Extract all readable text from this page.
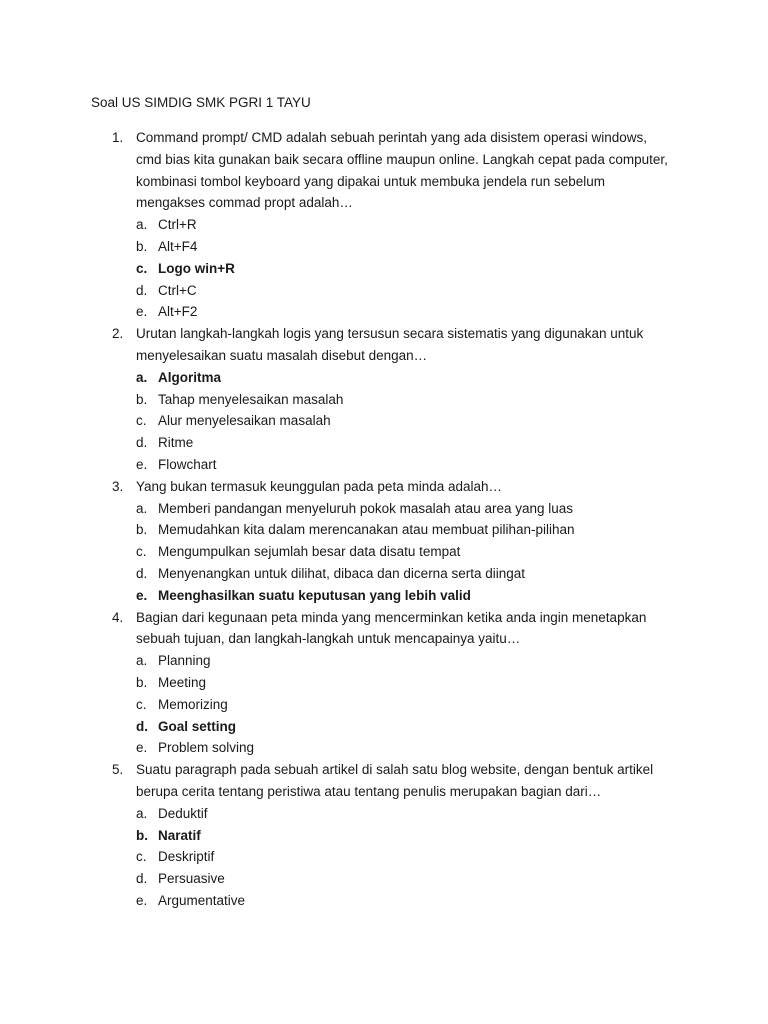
Soal US SIMDIG SMK PGRI 1 TAYU
1. Command prompt/ CMD adalah sebuah perintah yang ada disistem operasi windows,
cmd bias kita gunakan baik secara offline maupun online. Langkah cepat pada computer,
kombinasi tombol keyboard yang dipakai untuk membuka jendela run sebelum
mengakses commad propt adalah…
a. Ctrl+R
b. Alt+F4
c. Logo win+R
d. Ctrl+C
e. Alt+F2
2. Urutan langkah-langkah logis yang tersusun secara sistematis yang digunakan untuk
menyelesaikan suatu masalah disebut dengan…
a. Algoritma
b. Tahap menyelesaikan masalah
c. Alur menyelesaikan masalah
d. Ritme
e. Flowchart
3. Yang bukan termasuk keunggulan pada peta minda adalah…
a. Memberi pandangan menyeluruh pokok masalah atau area yang luas
b. Memudahkan kita dalam merencanakan atau membuat pilihan-pilihan
c. Mengumpulkan sejumlah besar data disatu tempat
d. Menyenangkan untuk dilihat, dibaca dan dicerna serta diingat
e. Meenghasilkan suatu keputusan yang lebih valid
4. Bagian dari kegunaan peta minda yang mencerminkan ketika anda ingin menetapkan
sebuah tujuan, dan langkah-langkah untuk mencapainya yaitu…
a. Planning
b. Meeting
c. Memorizing
d. Goal setting
e. Problem solving
5. Suatu paragraph pada sebuah artikel di salah satu blog website, dengan bentuk artikel
berupa cerita tentang peristiwa atau tentang penulis merupakan bagian dari…
a. Deduktif
b. Naratif
c. Deskriptif
d. Persuasive
e. Argumentative
